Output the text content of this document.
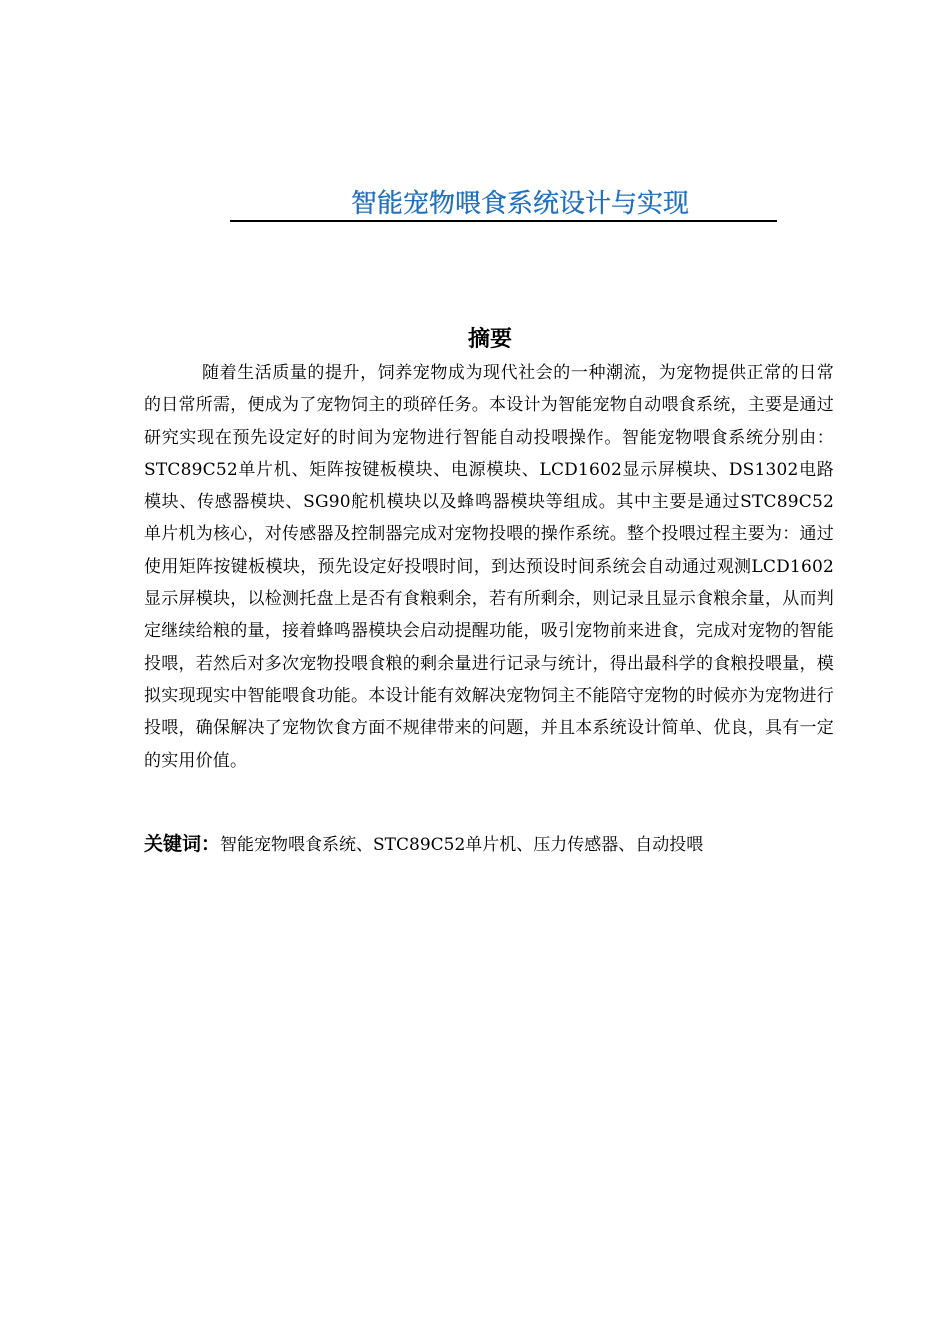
智能宠物喂食系统设计与实现
摘要
随着生活质量的提升，饲养宠物成为现代社会的一种潮流，为宠物提供正常的日常的日常所需，便成为了宠物饲主的琐碎任务。本设计为智能宠物自动喂食系统，主要是通过研究实现在预先设定好的时间为宠物进行智能自动投喂操作。智能宠物喂食系统分别由：STC89C52单片机、矩阵按键板模块、电源模块、LCD1602显示屏模块、DS1302电路模块、传感器模块、SG90舵机模块以及蜂鸣器模块等组成。其中主要是通过STC89C52单片机为核心，对传感器及控制器完成对宠物投喂的操作系统。整个投喂过程主要为：通过使用矩阵按键板模块，预先设定好投喂时间，到达预设时间系统会自动通过观测LCD1602显示屏模块，以检测托盘上是否有食粮剩余，若有所剩余，则记录且显示食粮余量，从而判定继续给粮的量，接着蜂鸣器模块会启动提醒功能，吸引宠物前来进食，完成对宠物的智能投喂，若然后对多次宠物投喂食粮的剩余量进行记录与统计，得出最科学的食粮投喂量，模拟实现现实中智能喂食功能。本设计能有效解决宠物饲主不能陪守宠物的时候亦为宠物进行投喂，确保解决了宠物饮食方面不规律带来的问题，并且本系统设计简单、优良，具有一定的实用价值。
关键词：智能宠物喂食系统、STC89C52单片机、压力传感器、自动投喂
